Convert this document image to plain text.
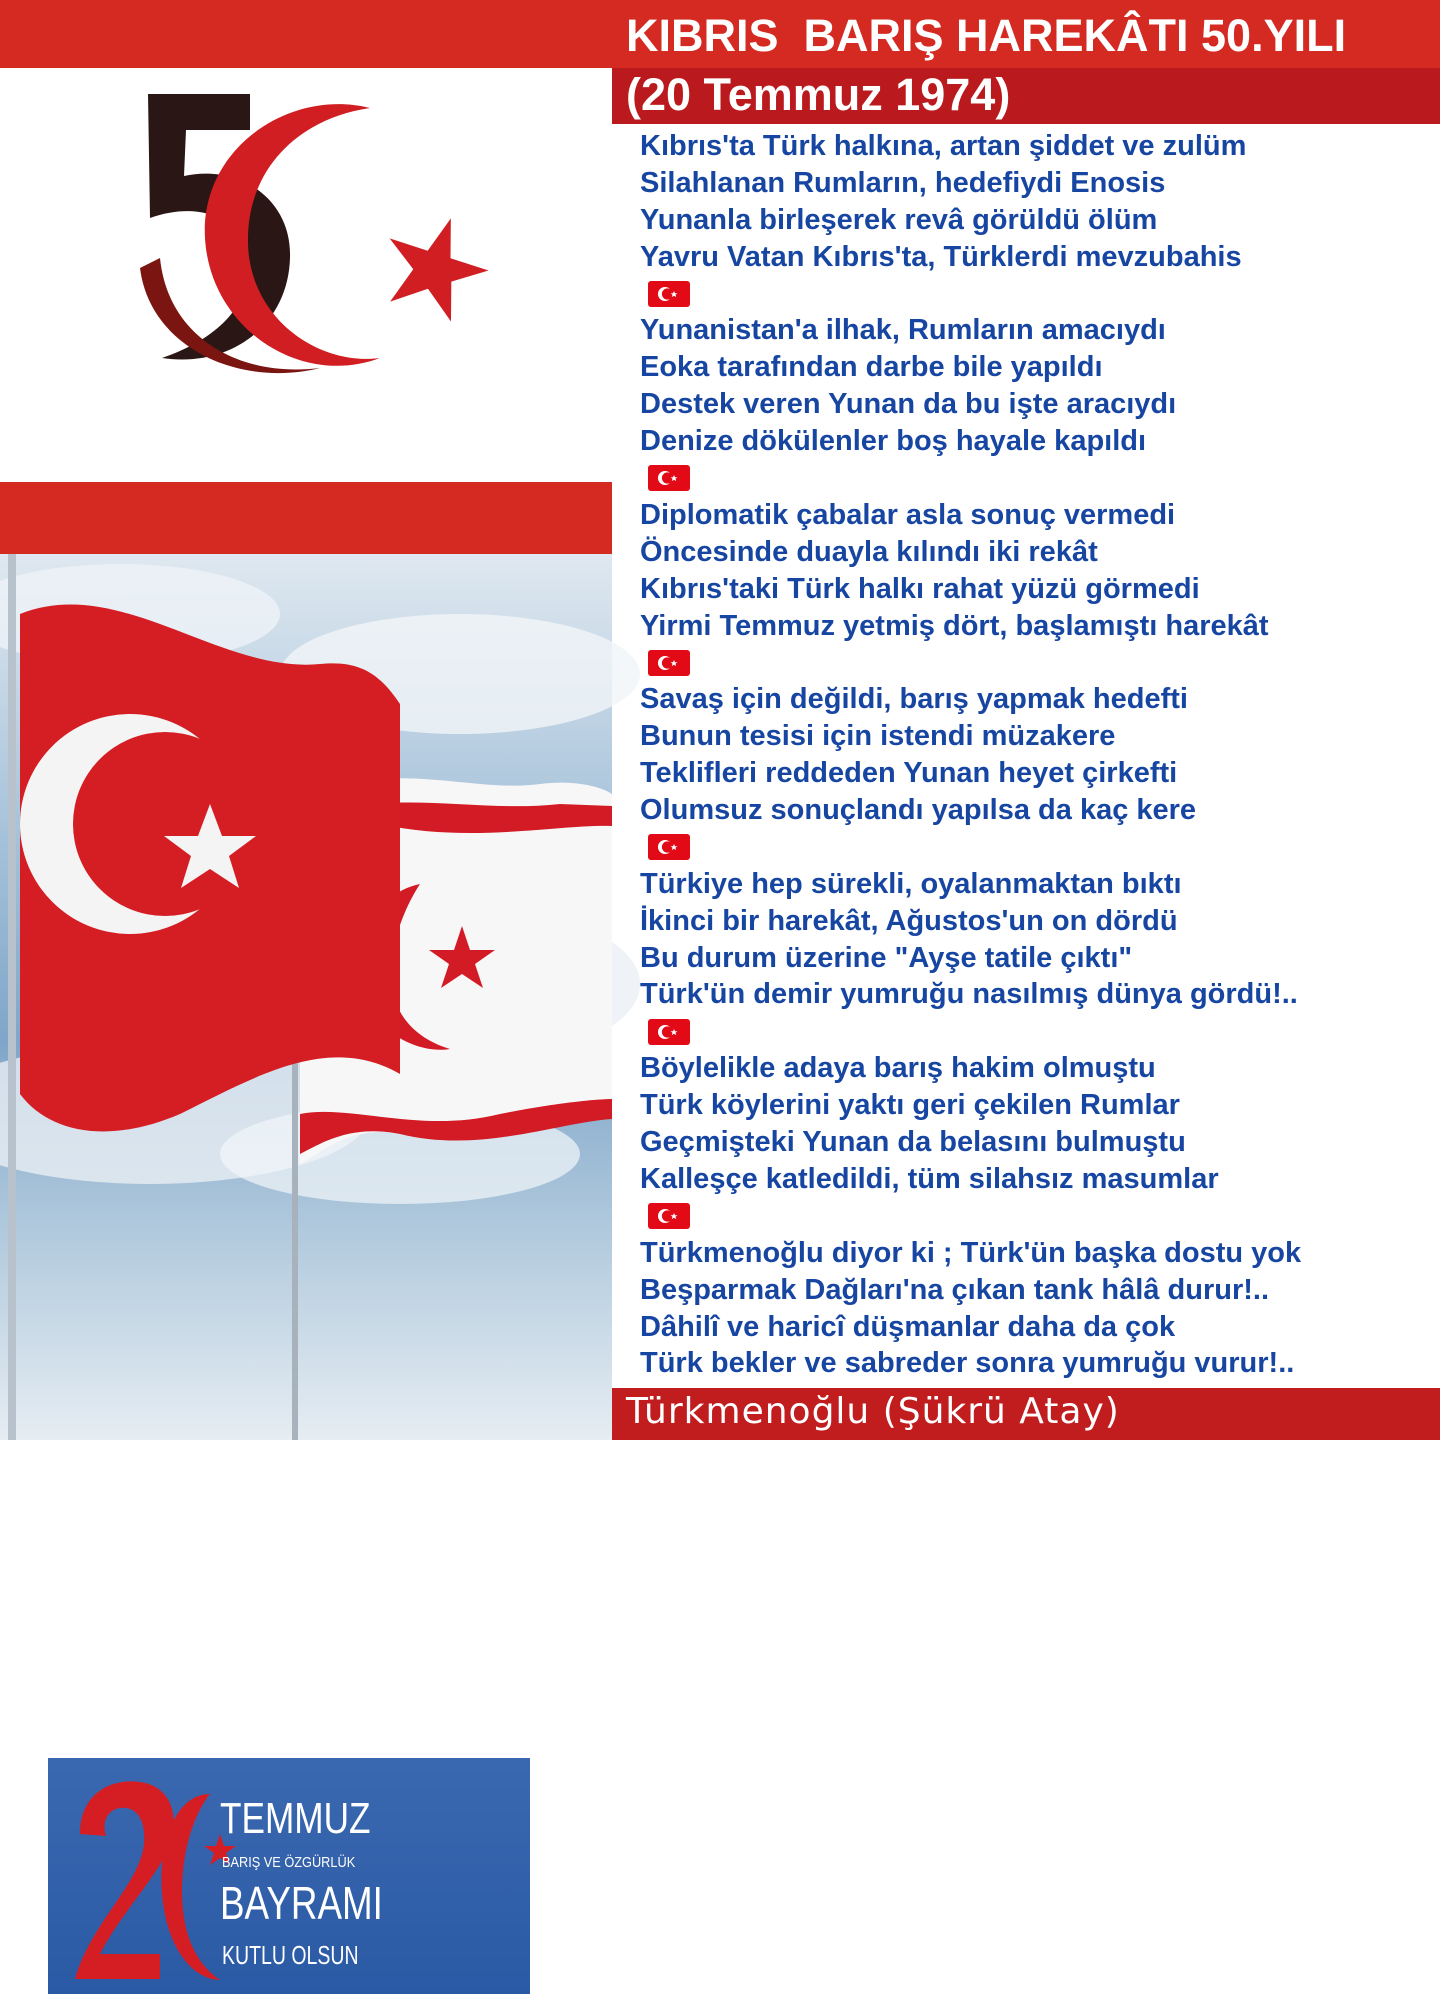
50
TEMMUZ
BARIŞ VE ÖZGÜRLÜK
BAYRAMI
KUTLU OLSUN
KIBRIS  BARIŞ HAREKÂTI 50.YILI
(20 Temmuz 1974)
Kıbrıs'ta Türk halkına, artan şiddet ve zulüm
Silahlanan Rumların, hedefiydi Enosis
Yunanla birleşerek revâ görüldü ölüm
Yavru Vatan Kıbrıs'ta, Türklerdi mevzubahis
Yunanistan'a ilhak, Rumların amacıydı
Eoka tarafından darbe bile yapıldı
Destek veren Yunan da bu işte aracıydı
Denize dökülenler boş hayale kapıldı
Diplomatik çabalar asla sonuç vermedi
Öncesinde duayla kılındı iki rekât
Kıbrıs'taki Türk halkı rahat yüzü görmedi
Yirmi Temmuz yetmiş dört, başlamıştı harekât
Savaş için değildi, barış yapmak hedefti
Bunun tesisi için istendi müzakere
Teklifleri reddeden Yunan heyet çirkefti
Olumsuz sonuçlandı yapılsa da kaç kere
Türkiye hep sürekli, oyalanmaktan bıktı
İkinci bir harekât, Ağustos'un on dördü
Bu durum üzerine "Ayşe tatile çıktı"
Türk'ün demir yumruğu nasılmış dünya gördü!..
Böylelikle adaya barış hakim olmuştu
Türk köylerini yaktı geri çekilen Rumlar
Geçmişteki Yunan da belasını bulmuştu
Kalleşçe katledildi, tüm silahsız masumlar
Türkmenoğlu diyor ki ; Türk'ün başka dostu yok
Beşparmak Dağları'na çıkan tank hâlâ durur!..
Dâhilî ve haricî düşmanlar daha da çok
Türk bekler ve sabreder sonra yumruğu vurur!..
Türkmenoğlu (Şükrü Atay)
